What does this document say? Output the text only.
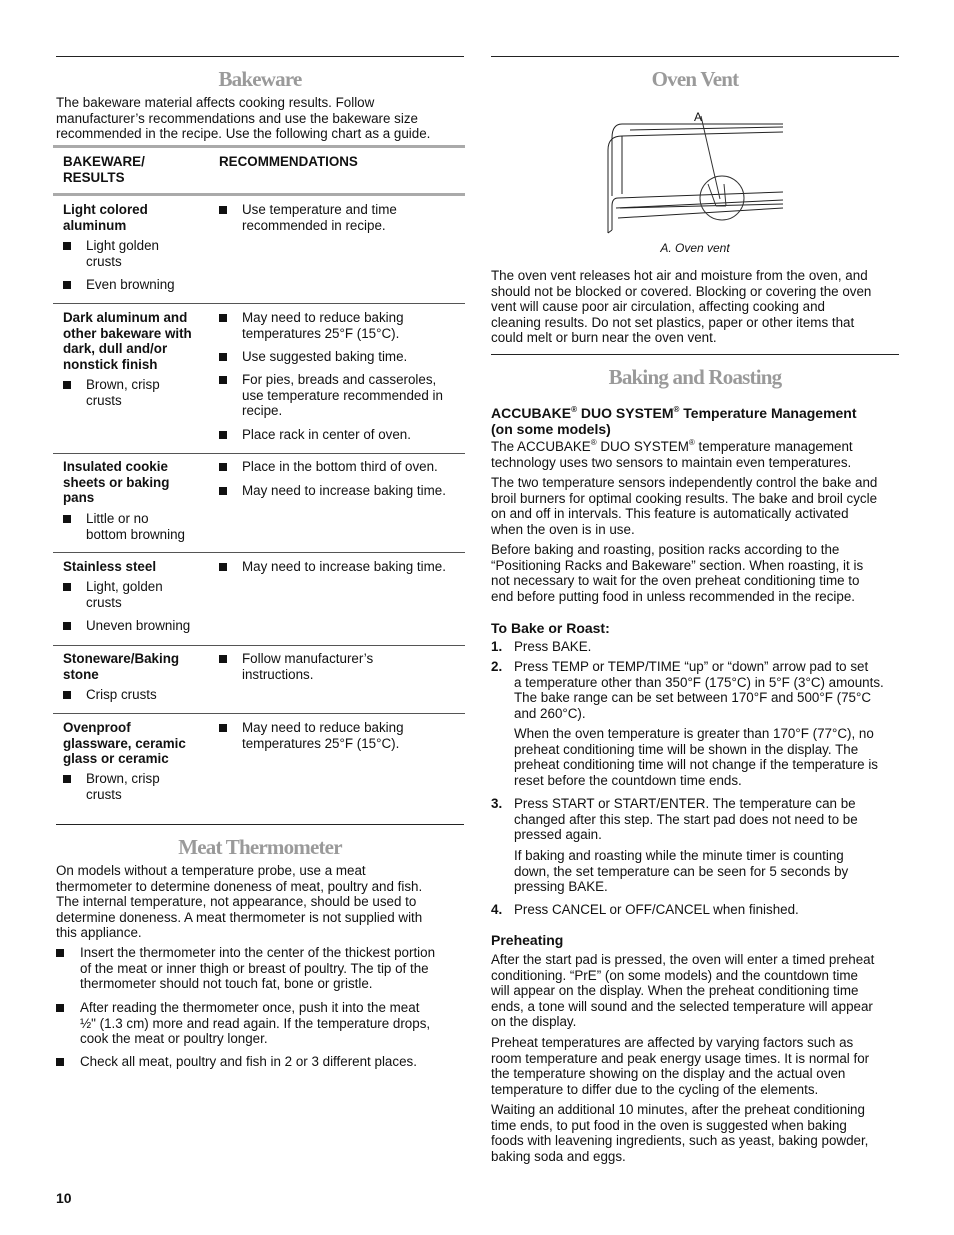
Bakeware
The bakeware material affects cooking results. Follow
manufacturer’s recommendations and use the bakeware size
recommended in the recipe. Use the following chart as a guide.
BAKEWARE/
RESULTS
RECOMMENDATIONS
Light colored
aluminum
Light golden
crusts
Even browning
Use temperature and time
recommended in recipe.
Dark aluminum and
other bakeware with
dark, dull and/or
nonstick finish
Brown, crisp
crusts
May need to reduce baking
temperatures 25°F (15°C).
Use suggested baking time.
For pies, breads and casseroles,
use temperature recommended in
recipe.
Place rack in center of oven.
Insulated cookie
sheets or baking
pans
Little or no
bottom browning
Place in the bottom third of oven.
May need to increase baking time.
Stainless steel
Light, golden
crusts
Uneven browning
May need to increase baking time.
Stoneware/Baking
stone
Crisp crusts
Follow manufacturer’s
instructions.
Ovenproof
glassware, ceramic
glass or ceramic
Brown, crisp
crusts
May need to reduce baking
temperatures 25°F (15°C).
Meat Thermometer
On models without a temperature probe, use a meat
thermometer to determine doneness of meat, poultry and fish.
The internal temperature, not appearance, should be used to
determine doneness. A meat thermometer is not supplied with
this appliance.
Insert the thermometer into the center of the thickest portion
of the meat or inner thigh or breast of poultry. The tip of the
thermometer should not touch fat, bone or gristle.
After reading the thermometer once, push it into the meat
½" (1.3 cm) more and read again. If the temperature drops,
cook the meat or poultry longer.
Check all meat, poultry and fish in 2 or 3 different places.
10
Oven Vent
A
A. Oven vent
The oven vent releases hot air and moisture from the oven, and
should not be blocked or covered. Blocking or covering the oven
vent will cause poor air circulation, affecting cooking and
cleaning results. Do not set plastics, paper or other items that
could melt or burn near the oven vent.
Baking and Roasting
ACCUBAKE® DUO SYSTEM® Temperature Management
(on some models)
The ACCUBAKE® DUO SYSTEM® temperature management
technology uses two sensors to maintain even temperatures.
The two temperature sensors independently control the bake and
broil burners for optimal cooking results. The bake and broil cycle
on and off in intervals. This feature is automatically activated
when the oven is in use.
Before baking and roasting, position racks according to the
“Positioning Racks and Bakeware” section. When roasting, it is
not necessary to wait for the oven preheat conditioning time to
end before putting food in unless recommended in the recipe.
To Bake or Roast:
1. Press BAKE.
2. Press TEMP or TEMP/TIME “up” or “down” arrow pad to set
a temperature other than 350°F (175°C) in 5°F (3°C) amounts.
The bake range can be set between 170°F and 500°F (75°C
and 260°C).
When the oven temperature is greater than 170°F (77°C), no
preheat conditioning time will be shown in the display. The
preheat conditioning time will not change if the temperature is
reset before the countdown time ends.
3. Press START or START/ENTER. The temperature can be
changed after this step. The start pad does not need to be
pressed again.
If baking and roasting while the minute timer is counting
down, the set temperature can be seen for 5 seconds by
pressing BAKE.
4. Press CANCEL or OFF/CANCEL when finished.
Preheating
After the start pad is pressed, the oven will enter a timed preheat
conditioning. “PrE” (on some models) and the countdown time
will appear on the display. When the preheat conditioning time
ends, a tone will sound and the selected temperature will appear
on the display.
Preheat temperatures are affected by varying factors such as
room temperature and peak energy usage times. It is normal for
the temperature showing on the display and the actual oven
temperature to differ due to the cycling of the elements.
Waiting an additional 10 minutes, after the preheat conditioning
time ends, to put food in the oven is suggested when baking
foods with leavening ingredients, such as yeast, baking powder,
baking soda and eggs.
